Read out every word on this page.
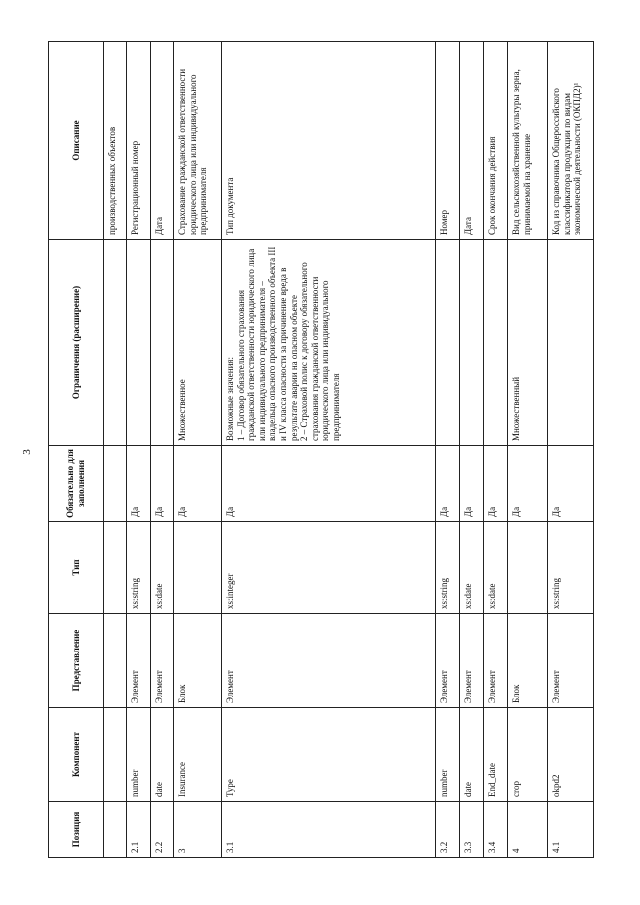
3
Позиция	Компонент	Представление	Тип	Обязательно для заполнения	Ограничения (расширение)	Описание
						производственных объектов
2.1	number	Элемент	xs:string	Да		Регистрационный номер
2.2	date	Элемент	xs:date	Да		Дата
3	Insurance	Блок		Да	Множественное	Страхование гражданской ответственности юридического лица или индивидуального предпринимателя
3.1	Type	Элемент	xs:integer	Да	Возможные значения:
1 – Договор обязательного страхования гражданской ответственности юридического лица или индивидуального предпринимателя – владельца опасного производственного объекта III и IV класса опасности за причинение вреда в результате аварии на опасном объекте
2 – Страховой полис к договору обязательного страхования гражданской ответственности юридического лица или индивидуального предпринимателя	Тип документа
3.2	number	Элемент	xs:string	Да		Номер
3.3	date	Элемент	xs:date	Да		Дата
3.4	End_date	Элемент	xs:date	Да		Срок окончания действия
4	crop	Блок		Да	Множественный	Вид сельскохозяйственной культуры зерна, принимаемой на хранение
4.1	okpd2	Элемент	xs:string	Да		Код из справочника Общероссийского классификатора продукции по видам экономической деятельности (ОКПД2)¹
